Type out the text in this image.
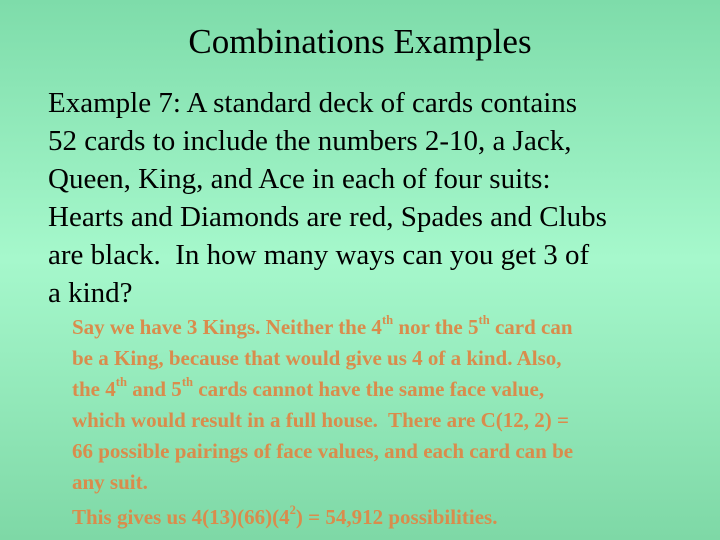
Combinations Examples
Example 7: A standard deck of cards contains
52 cards to include the numbers 2-10, a Jack,
Queen, King, and Ace in each of four suits:
Hearts and Diamonds are red, Spades and Clubs
are black.  In how many ways can you get 3 of
a kind?
Say we have 3 Kings. Neither the 4th nor the 5th card can
be a King, because that would give us 4 of a kind. Also,
the 4th and 5th cards cannot have the same face value,
which would result in a full house.  There are C(12, 2) =
66 possible pairings of face values, and each card can be
any suit.
This gives us $4(13)(66)(4^2) = 54,912$ possibilities.
